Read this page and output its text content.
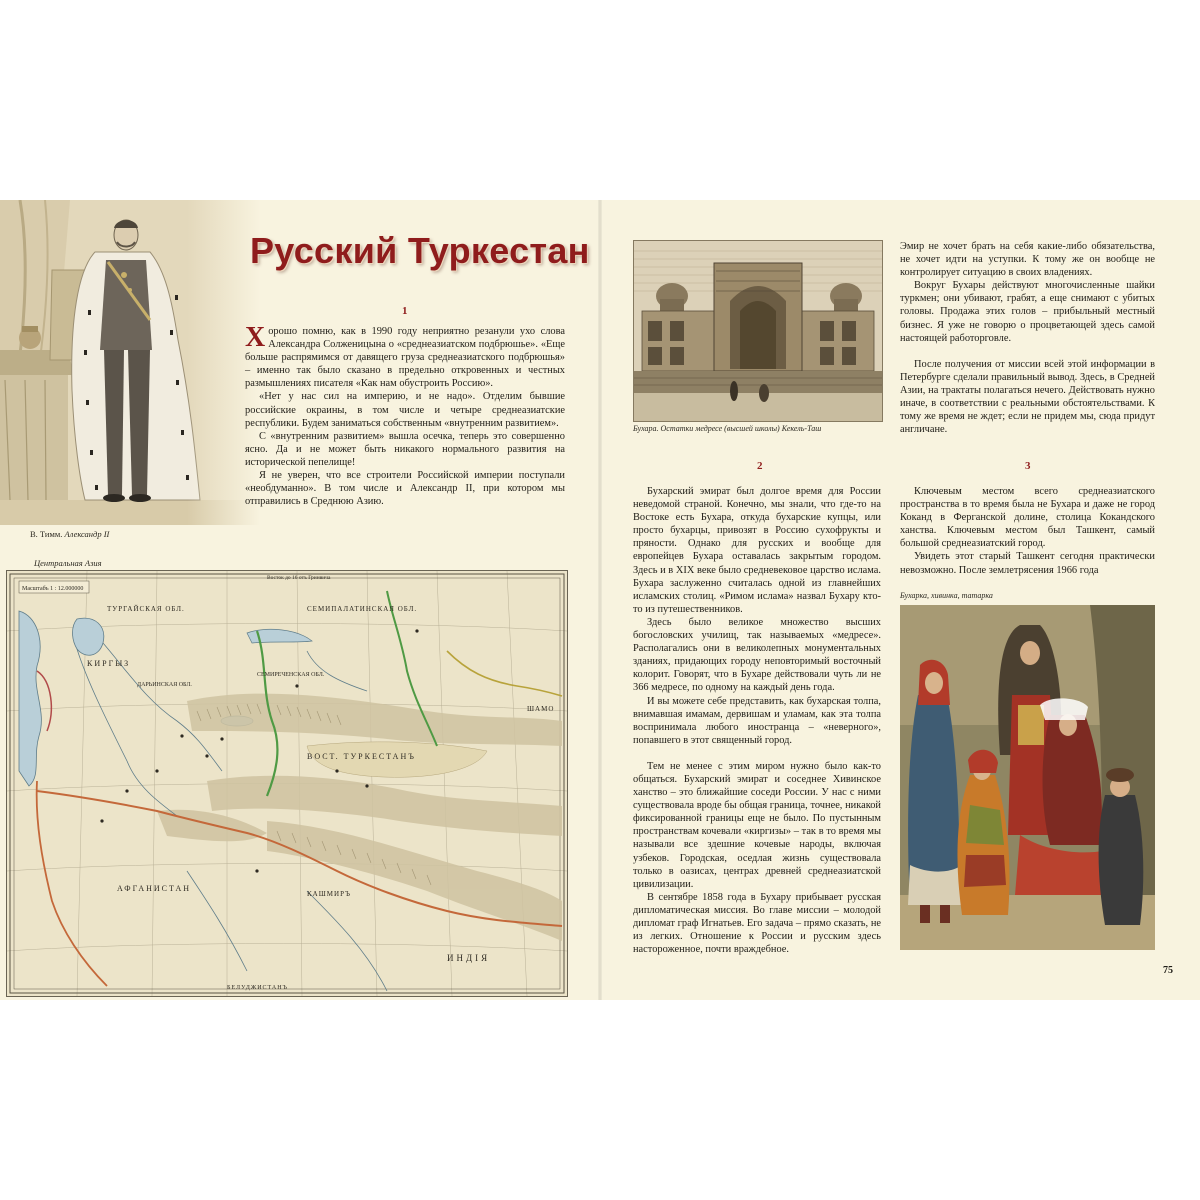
В. Тимм. Александр II
Русский Туркестан
1

Хорошо помню, как в 1990 году неприятно резанули ухо слова Александра Солженицына о «среднеазиатском подбрюшье». «Еще больше распрямимся от давящего груза среднеазиатского подбрюшья» – именно так было сказано в предельно откровенных и честных размышлениях писателя «Как нам обустроить Россию».

«Нет у нас сил на империю, и не надо». Отделим бывшие российские окраины, в том числе и четыре среднеазиатские республики. Будем заниматься собственным «внутренним развитием».

С «внутренним развитием» вышла осечка, теперь это совершенно ясно. Да и не может быть никакого нормального развития на исторической пепелище!

Я не уверен, что все строители Российской империи поступали «необдуманно». В том числе и Александр II, при котором мы отправились в Среднюю Азию.

Центральная Азия
Масштабъ 1 : 12.000000
Восток до 16 отъ Гринвича
ТУРГАЙСКАЯ ОБЛ.	СЕМИПАЛАТИНСКАЯ ОБЛ.
КИРГЫЗ
ДАРЬИНСКАЯ ОБЛ.
СЕМИРЕЧЕНСКАЯ ОБЛ.
ВОСТ. ТУРКЕСТАНЪ
ИНДІЯ
КАШМИРЪ
АФГАНИСТАН
БЕЛУДЖИСТАНЪ
ШАМО
Бухара. Остатки медресе (высшей школы) Кекель-Таш
2

Бухарский эмират был долгое время для России неведомой страной. Конечно, мы знали, что где-то на Востоке есть Бухара, откуда бухарские купцы, или просто бухарцы, привозят в Россию сухофрукты и пряности. Однако для русских и вообще для европейцев Бухара оставалась закрытым городом. Здесь и в XIX веке было средневековое царство ислама. Бухара заслуженно считалась одной из главнейших исламских столиц. «Римом ислама» назвал Бухару кто-то из путешественников.

Здесь было великое множество высших богословских училищ, так называемых «медресе». Располагались они в великолепных монументальных зданиях, придающих городу неповторимый восточный колорит. Говорят, что в Бухаре действовали чуть ли не 366 медресе, по одному на каждый день года.

И вы можете себе представить, как бухарская толпа, внимавшая имамам, дервишам и уламам, как эта толпа воспринимала любого иностранца – «неверного», попавшего в этот священный город.

Тем не менее с этим миром нужно было как-то общаться. Бухарский эмират и соседнее Хивинское ханство – это ближайшие соседи России. У нас с ними существовала вроде бы общая граница, точнее, никакой фиксированной границы еще не было. По пустынным пространствам кочевали «киргизы» – так в то время мы называли все здешние кочевые народы, включая узбеков. Городская, оседлая жизнь существовала только в оазисах, центрах древней среднеазиатской цивилизации.

В сентябре 1858 года в Бухару прибывает русская дипломатическая миссия. Во главе миссии – молодой дипломат граф Игнатьев. Его задача – прямо сказать, не из легких. Отношение к России и русским здесь настороженное, почти враждебное.

Эмир не хочет брать на себя какие-либо обязательства, не хочет идти на уступки. К тому же он вообще не контролирует ситуацию в своих владениях.

Вокруг Бухары действуют многочисленные шайки туркмен; они убивают, грабят, а еще снимают с убитых головы. Продажа этих голов – прибыльный местный бизнес. Я уже не говорю о процветающей здесь самой настоящей работорговле.

После получения от миссии всей этой информации в Петербурге сделали правильный вывод. Здесь, в Средней Азии, на трактаты полагаться нечего. Действовать нужно иначе, в соответствии с реальными обстоятельствами. К тому же время не ждет; если не придем мы, сюда придут англичане.

3

Ключевым местом всего среднеазиатского пространства в то время была не Бухара и даже не город Коканд в Ферганской долине, столица Кокандского ханства. Ключевым местом был Ташкент, самый большой среднеазиатский город.

Увидеть этот старый Ташкент сегодня практически невозможно. После землетрясения 1966 года

Бухарка, хивинка, татарка
75
